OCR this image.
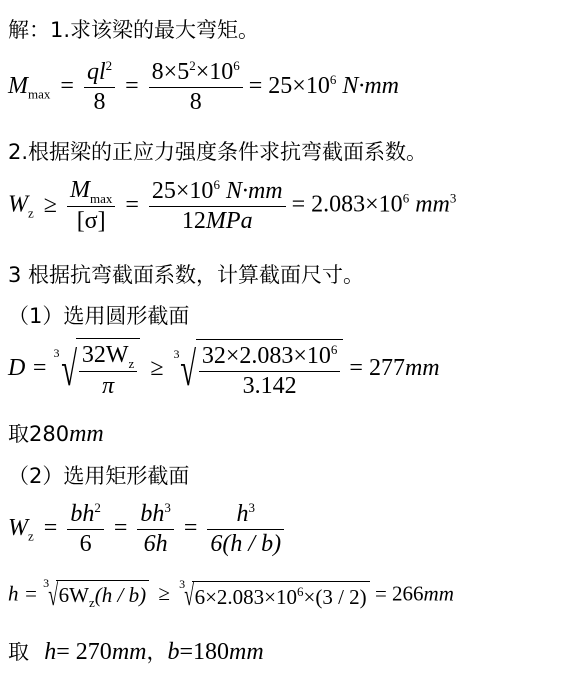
解：1.求该梁的最大弯矩。
$M_{max} = \frac{ql^2}{8} = \frac{8\times 5^2\times 10^6}{8} = 25\times 10^6$ N·mm
2.根据梁的正应力强度条件求抗弯截面系数。
$W_z \ge \frac{M_{max}}{[\sigma]} = \frac{25\times 10^6 N\cdot mm}{\text{12MPa}} = 2.083\times 10^6$ $mm^3$
3 根据抗弯截面系数，计算截面尺寸。
（1）选用圆形截面
D =
3 √ $\frac{32W_z}{\pi}$ ≥
3 √ $\frac{32\times 2.083\times 10^6}{3.142} = 277mm$
取280mm
（2）选用矩形截面
$W_z = \frac{bh^2}{6} = \frac{bh^3}{6h} = \frac{h^3}{6(h / b)}$
h = 3 √ $6W_z(h / b) \ge 3$ √ $6\times 2.083\times 10^6\times(3 / 2) = 266mm$
取 h= 270mm，b=180mm
